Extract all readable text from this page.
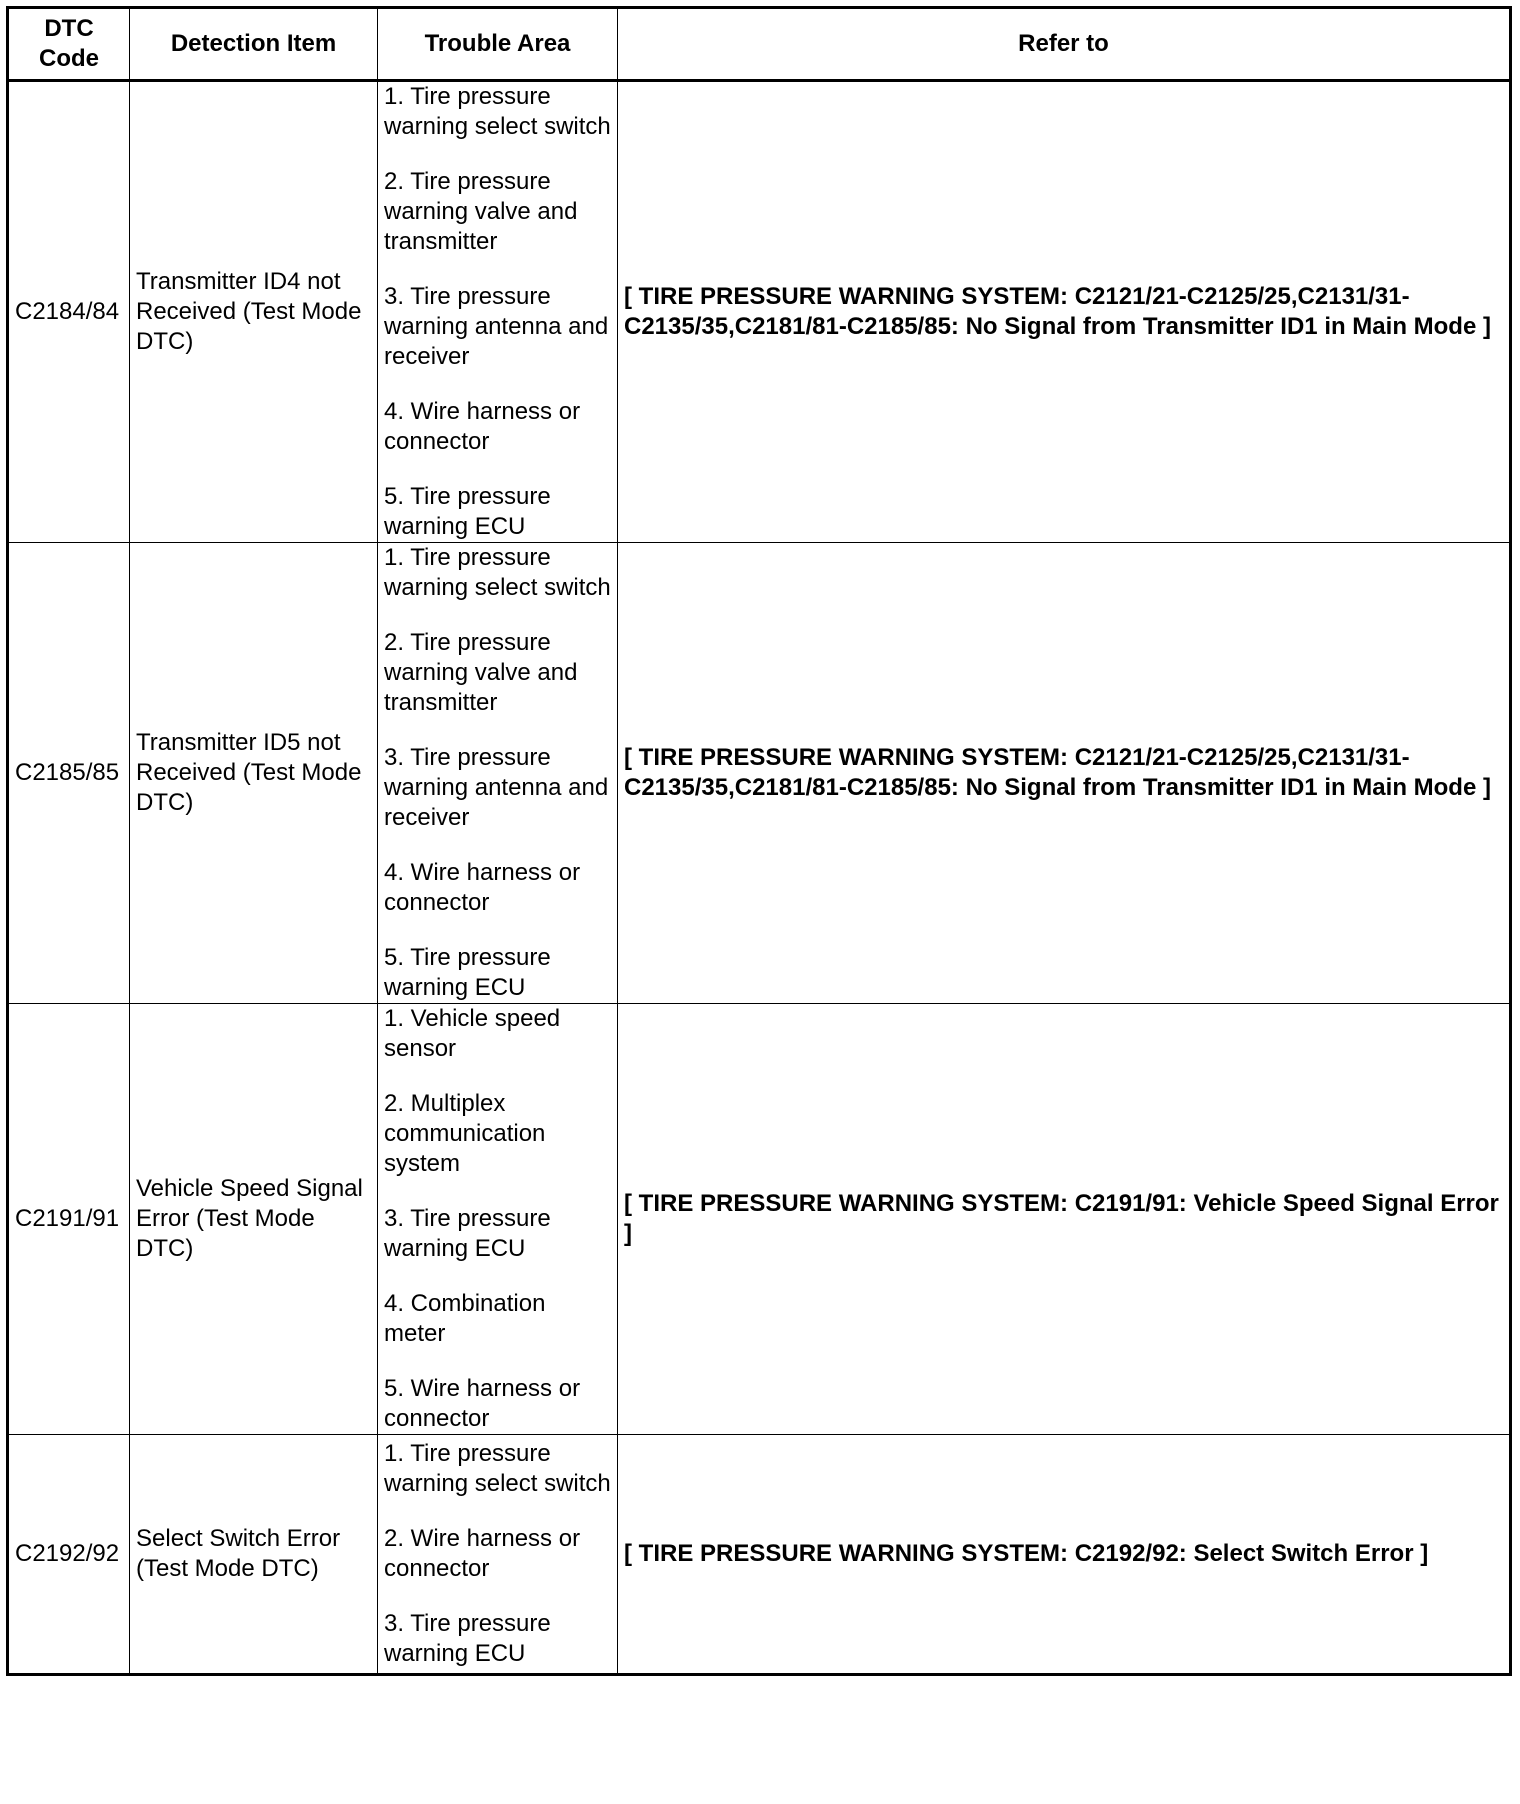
DTC Code	Detection Item	Trouble Area	Refer to
C2184/84	Transmitter ID4 not Received (Test Mode DTC)	1. Tire pressure warning select switch
2. Tire pressure warning valve and transmitter
3. Tire pressure warning antenna and receiver
4. Wire harness or connector
5. Tire pressure warning ECU	[ TIRE PRESSURE WARNING SYSTEM: C2121/21-C2125/25,C2131/31-C2135/35,C2181/81-C2185/85: No Signal from Transmitter ID1 in Main Mode ]
C2185/85	Transmitter ID5 not Received (Test Mode DTC)	1. Tire pressure warning select switch
2. Tire pressure warning valve and transmitter
3. Tire pressure warning antenna and receiver
4. Wire harness or connector
5. Tire pressure warning ECU	[ TIRE PRESSURE WARNING SYSTEM: C2121/21-C2125/25,C2131/31-C2135/35,C2181/81-C2185/85: No Signal from Transmitter ID1 in Main Mode ]
C2191/91	Vehicle Speed Signal Error (Test Mode DTC)	1. Vehicle speed sensor
2. Multiplex communication system
3. Tire pressure warning ECU
4. Combination meter
5. Wire harness or connector	[ TIRE PRESSURE WARNING SYSTEM: C2191/91: Vehicle Speed Signal Error ]
C2192/92	Select Switch Error (Test Mode DTC)	1. Tire pressure warning select switch
2. Wire harness or connector
3. Tire pressure warning ECU	[ TIRE PRESSURE WARNING SYSTEM: C2192/92: Select Switch Error ]
